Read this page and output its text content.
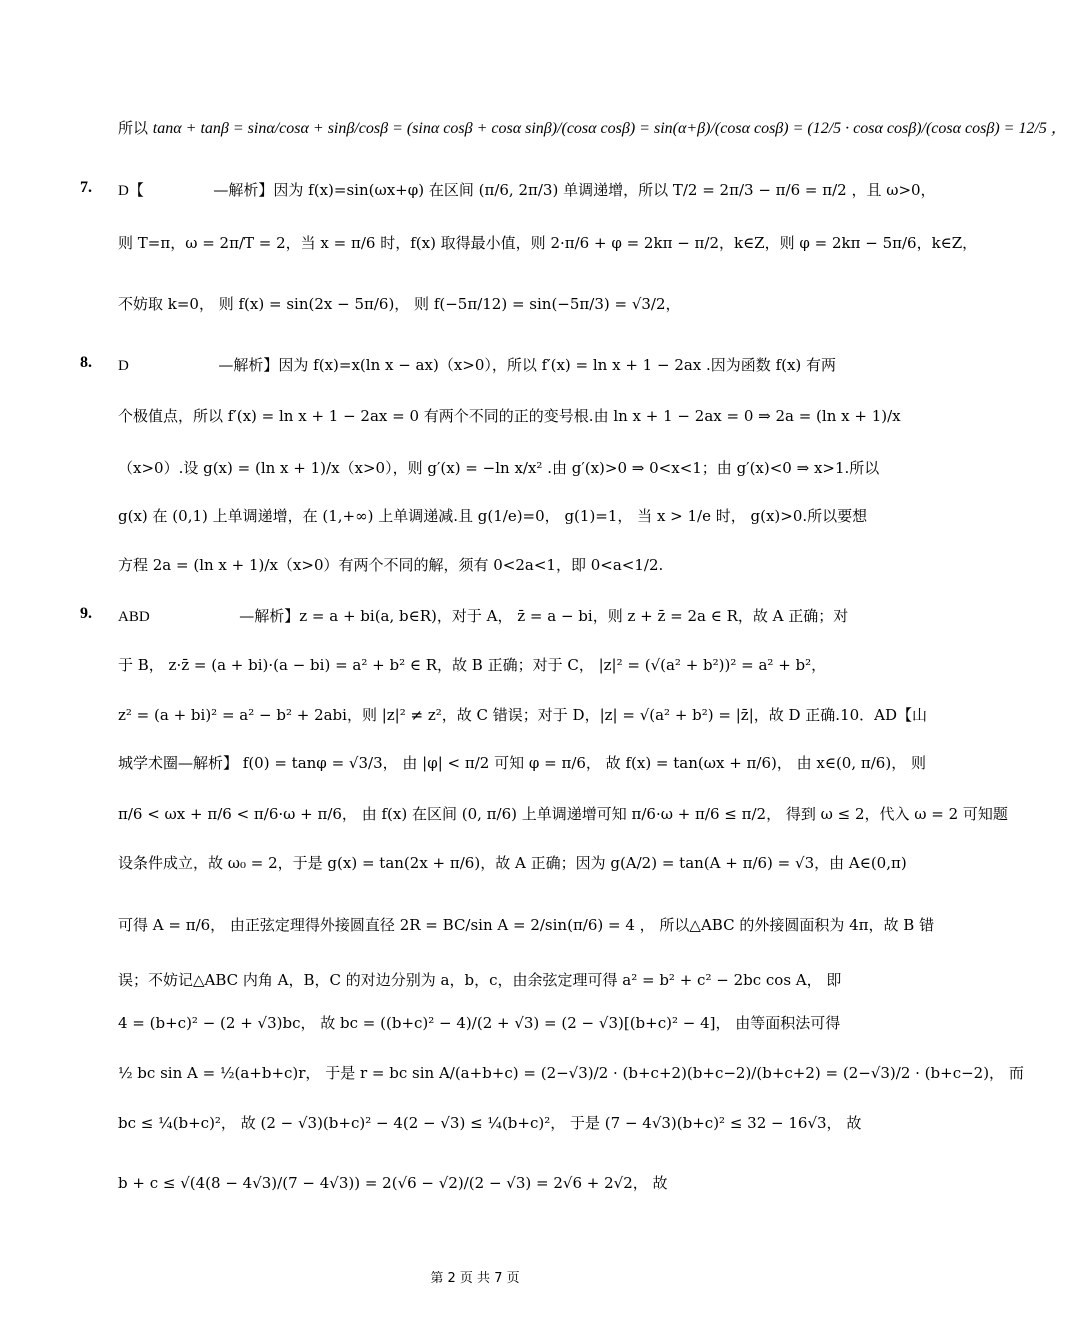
所以 tanα + tanβ = sinα/cosα + sinβ/cosβ = (sinα cosβ + cosα sinβ)/(cosα cosβ) = sin(α+β)/(cosα cosβ) = (12/5 · cosα cosβ)/(cosα cosβ) = 12/5 ，
7. D【	—解析】因为 f(x)=sin(ωx+φ) 在区间 (π/6, 2π/3) 单调递增，所以 T/2 = 2π/3 − π/6 = π/2 ，且 ω>0，
则 T=π，ω = 2π/T = 2，当 x = π/6 时，f(x) 取得最小值，则 2·π/6 + φ = 2kπ − π/2，k∈Z，则 φ = 2kπ − 5π/6，k∈Z，
不妨取 k=0， 则 f(x) = sin(2x − 5π/6)， 则 f(−5π/12) = sin(−5π/3) = √3/2，
8. D	—解析】因为 f(x)=x(ln x − ax)（x>0），所以 f′(x) = ln x + 1 − 2ax .因为函数 f(x) 有两
个极值点，所以 f′(x) = ln x + 1 − 2ax = 0 有两个不同的正的变号根.由 ln x + 1 − 2ax = 0 ⇒ 2a = (ln x + 1)/x
（x>0）.设 g(x) = (ln x + 1)/x（x>0），则 g′(x) = −ln x/x² .由 g′(x)>0 ⇒ 0<x<1；由 g′(x)<0 ⇒ x>1.所以
g(x) 在 (0,1) 上单调递增，在 (1,+∞) 上单调递减.且 g(1/e)=0， g(1)=1， 当 x > 1/e 时， g(x)>0.所以要想
方程 2a = (ln x + 1)/x（x>0）有两个不同的解，须有 0<2a<1，即 0<a<1/2.
9. ABD	—解析】z = a + bi(a, b∈R)，对于 A， z̄ = a − bi，则 z + z̄ = 2a ∈ R，故 A 正确；对
于 B， z·z̄ = (a + bi)·(a − bi) = a² + b² ∈ R，故 B 正确；对于 C， |z|² = (√(a² + b²))² = a² + b²，
z² = (a + bi)² = a² − b² + 2abi，则 |z|² ≠ z²，故 C 错误；对于 D，|z| = √(a² + b²) = |z̄|，故 D 正确.10．AD【山
城学术圈—解析】 f(0) = tanφ = √3/3， 由 |φ| < π/2 可知 φ = π/6， 故 f(x) = tan(ωx + π/6)， 由 x∈(0, π/6)， 则
π/6 < ωx + π/6 < π/6·ω + π/6， 由 f(x) 在区间 (0, π/6) 上单调递增可知 π/6·ω + π/6 ≤ π/2， 得到 ω ≤ 2，代入 ω = 2 可知题
设条件成立，故 ω₀ = 2，于是 g(x) = tan(2x + π/6)，故 A 正确；因为 g(A/2) = tan(A + π/6) = √3，由 A∈(0,π)
可得 A = π/6， 由正弦定理得外接圆直径 2R = BC/sin A = 2/sin(π/6) = 4 ， 所以△ABC 的外接圆面积为 4π，故 B 错
误；不妨记△ABC 内角 A，B，C 的对边分别为 a，b，c，由余弦定理可得 a² = b² + c² − 2bc cos A， 即
4 = (b+c)² − (2 + √3)bc， 故 bc = ((b+c)² − 4)/(2 + √3) = (2 − √3)[(b+c)² − 4]， 由等面积法可得
½ bc sin A = ½(a+b+c)r， 于是 r = bc sin A/(a+b+c) = (2−√3)/2 · (b+c+2)(b+c−2)/(b+c+2) = (2−√3)/2 · (b+c−2)， 而
bc ≤ ¼(b+c)²， 故 (2 − √3)(b+c)² − 4(2 − √3) ≤ ¼(b+c)²， 于是 (7 − 4√3)(b+c)² ≤ 32 − 16√3， 故
b + c ≤ √(4(8 − 4√3)/(7 − 4√3)) = 2(√6 − √2)/(2 − √3) = 2√6 + 2√2， 故
第 2 页 共 7 页
